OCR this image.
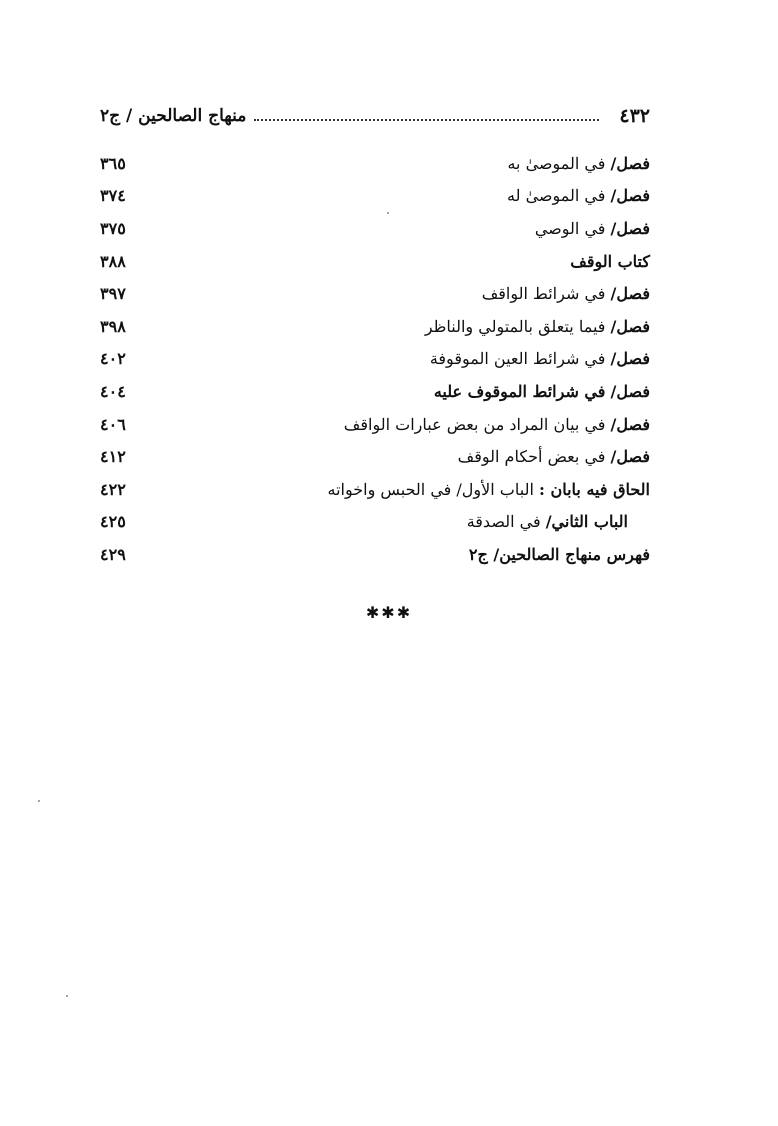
٤٣٢
منهاج الصالحين / ج٢
فصل/ في الموصىٰ به
٣٦٥
فصل/ في الموصىٰ له
٣٧٤
فصل/ في الوصي
٣٧٥
كتاب الوقف
٣٨٨
فصل/ في شرائط الواقف
٣٩٧
فصل/ فيما يتعلق بالمتولي والناظر
٣٩٨
فصل/ في شرائط العين الموقوفة
٤٠٢
فصل/ في شرائط الموقوف عليه
٤٠٤
فصل/ في بيان المراد من بعض عبارات الواقف
٤٠٦
فصل/ في بعض أحكام الوقف
٤١٢
الحاق فيه بابان : الباب الأول/ في الحبس واخواته
٤٢٢
الباب الثاني/ في الصدقة
٤٢٥
فهرس منهاج الصالحين/ ج٢
٤٢٩
✱✱✱
